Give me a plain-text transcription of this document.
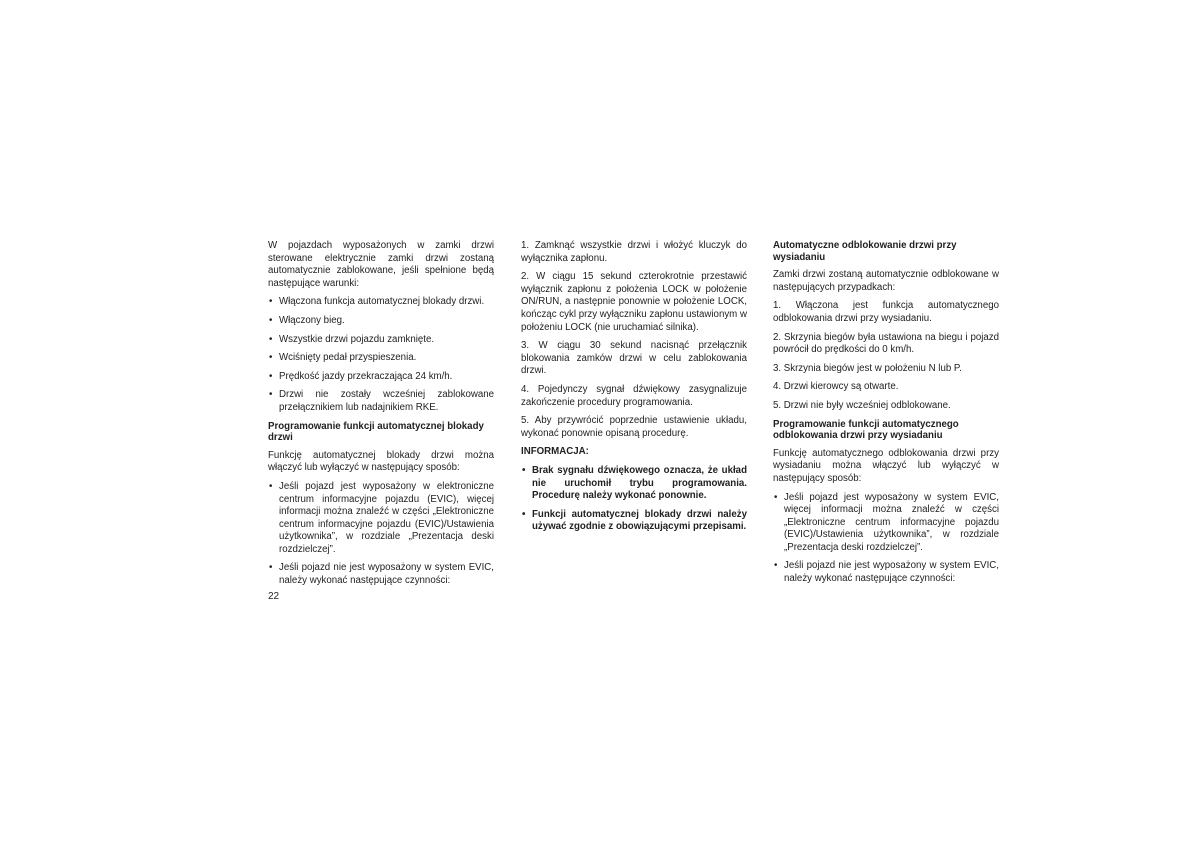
W pojazdach wyposażonych w zamki drzwi sterowane elektrycznie zamki drzwi zostaną automatycznie zablokowane, jeśli spełnione będą następujące warunki:

• Włączona funkcja automatycznej blokady drzwi.
• Włączony bieg.
• Wszystkie drzwi pojazdu zamknięte.
• Wciśnięty pedał przyspieszenia.
• Prędkość jazdy przekraczająca 24 km/h.
• Drzwi nie zostały wcześniej zablokowane przełącznikiem lub nadajnikiem RKE.

Programowanie funkcji automatycznej blokady drzwi

Funkcję automatycznej blokady drzwi można włączyć lub wyłączyć w następujący sposób:

• Jeśli pojazd jest wyposażony w elektroniczne centrum informacyjne pojazdu (EVIC), więcej informacji można znaleźć w części „Elektroniczne centrum informacyjne pojazdu (EVIC)/Ustawienia użytkownika”, w rozdziale „Prezentacja deski rozdzielczej”.
• Jeśli pojazd nie jest wyposażony w system EVIC, należy wykonać następujące czynności:

1. Zamknąć wszystkie drzwi i włożyć kluczyk do wyłącznika zapłonu.

2. W ciągu 15 sekund czterokrotnie przestawić wyłącznik zapłonu z położenia LOCK w położenie ON/RUN, a następnie ponownie w położenie LOCK, kończąc cykl przy wyłączniku zapłonu ustawionym w położeniu LOCK (nie uruchamiać silnika).

3. W ciągu 30 sekund nacisnąć przełącznik blokowania zamków drzwi w celu zablokowania drzwi.

4. Pojedynczy sygnał dźwiękowy zasygnalizuje zakończenie procedury programowania.

5. Aby przywrócić poprzednie ustawienie układu, wykonać ponownie opisaną procedurę.

INFORMACJA:

• Brak sygnału dźwiękowego oznacza, że układ nie uruchomił trybu programowania. Procedurę należy wykonać ponownie.
• Funkcji automatycznej blokady drzwi należy używać zgodnie z obowiązującymi przepisami.

Automatyczne odblokowanie drzwi przy wysiadaniu

Zamki drzwi zostaną automatycznie odblokowane w następujących przypadkach:

1. Włączona jest funkcja automatycznego odblokowania drzwi przy wysiadaniu.

2. Skrzynia biegów była ustawiona na biegu i pojazd powrócił do prędkości do 0 km/h.

3. Skrzynia biegów jest w położeniu N lub P.

4. Drzwi kierowcy są otwarte.

5. Drzwi nie były wcześniej odblokowane.

Programowanie funkcji automatycznego odblokowania drzwi przy wysiadaniu

Funkcję automatycznego odblokowania drzwi przy wysiadaniu można włączyć lub wyłączyć w następujący sposób:

• Jeśli pojazd jest wyposażony w system EVIC, więcej informacji można znaleźć w części „Elektroniczne centrum informacyjne pojazdu (EVIC)/Ustawienia użytkownika”, w rozdziale „Prezentacja deski rozdzielczej”.
• Jeśli pojazd nie jest wyposażony w system EVIC, należy wykonać następujące czynności:
22
